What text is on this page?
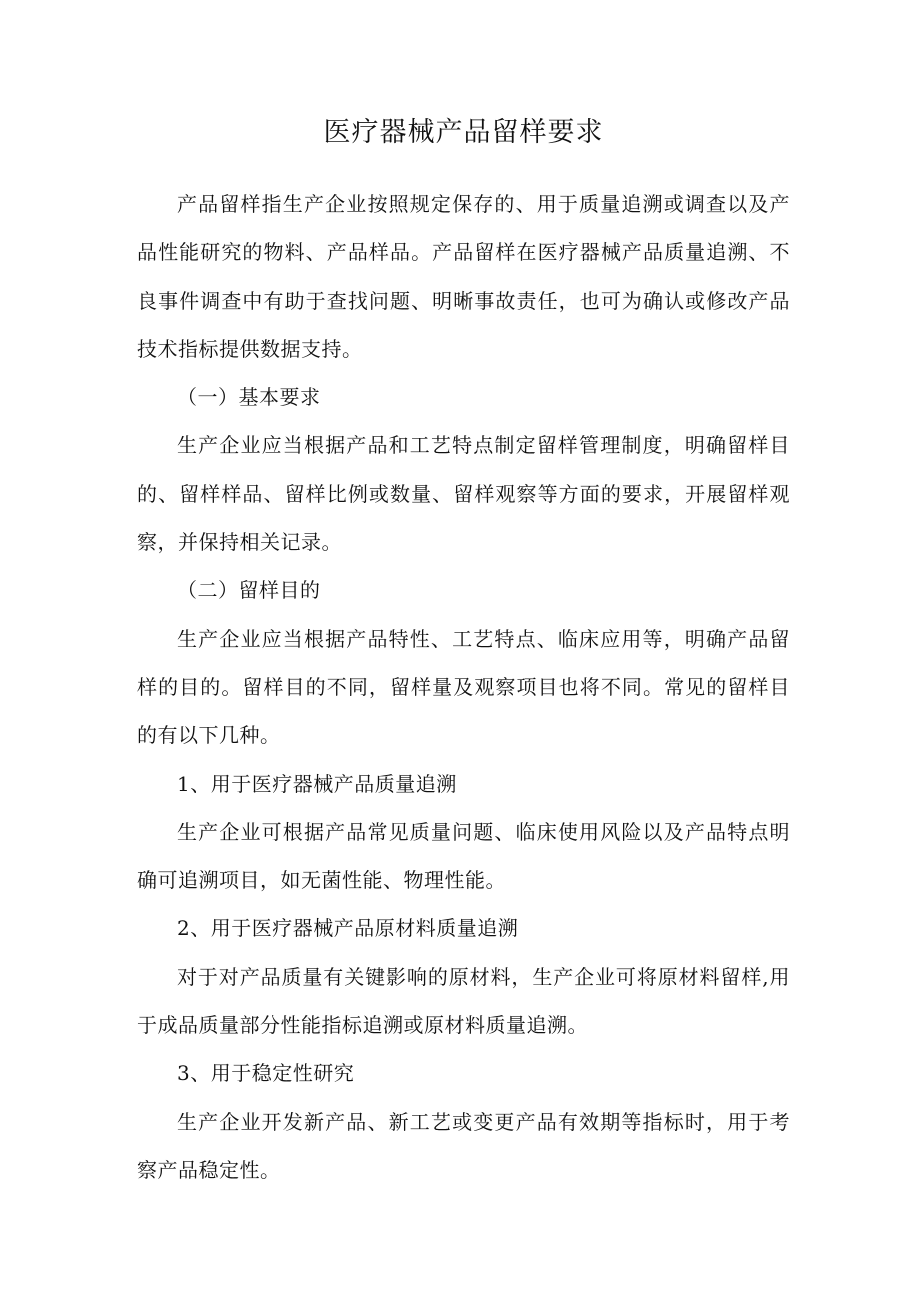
医疗器械产品留样要求

产品留样指生产企业按照规定保存的、用于质量追溯或调查以及产品性能研究的物料、产品样品。产品留样在医疗器械产品质量追溯、不良事件调查中有助于查找问题、明晰事故责任，也可为确认或修改产品技术指标提供数据支持。

（一）基本要求

生产企业应当根据产品和工艺特点制定留样管理制度，明确留样目的、留样样品、留样比例或数量、留样观察等方面的要求，开展留样观察，并保持相关记录。

（二）留样目的

生产企业应当根据产品特性、工艺特点、临床应用等，明确产品留样的目的。留样目的不同，留样量及观察项目也将不同。常见的留样目的有以下几种。

1、用于医疗器械产品质量追溯

生产企业可根据产品常见质量问题、临床使用风险以及产品特点明确可追溯项目，如无菌性能、物理性能。

2、用于医疗器械产品原材料质量追溯

对于对产品质量有关键影响的原材料，生产企业可将原材料留样,用于成品质量部分性能指标追溯或原材料质量追溯。

3、用于稳定性研究

生产企业开发新产品、新工艺或变更产品有效期等指标时，用于考察产品稳定性。
